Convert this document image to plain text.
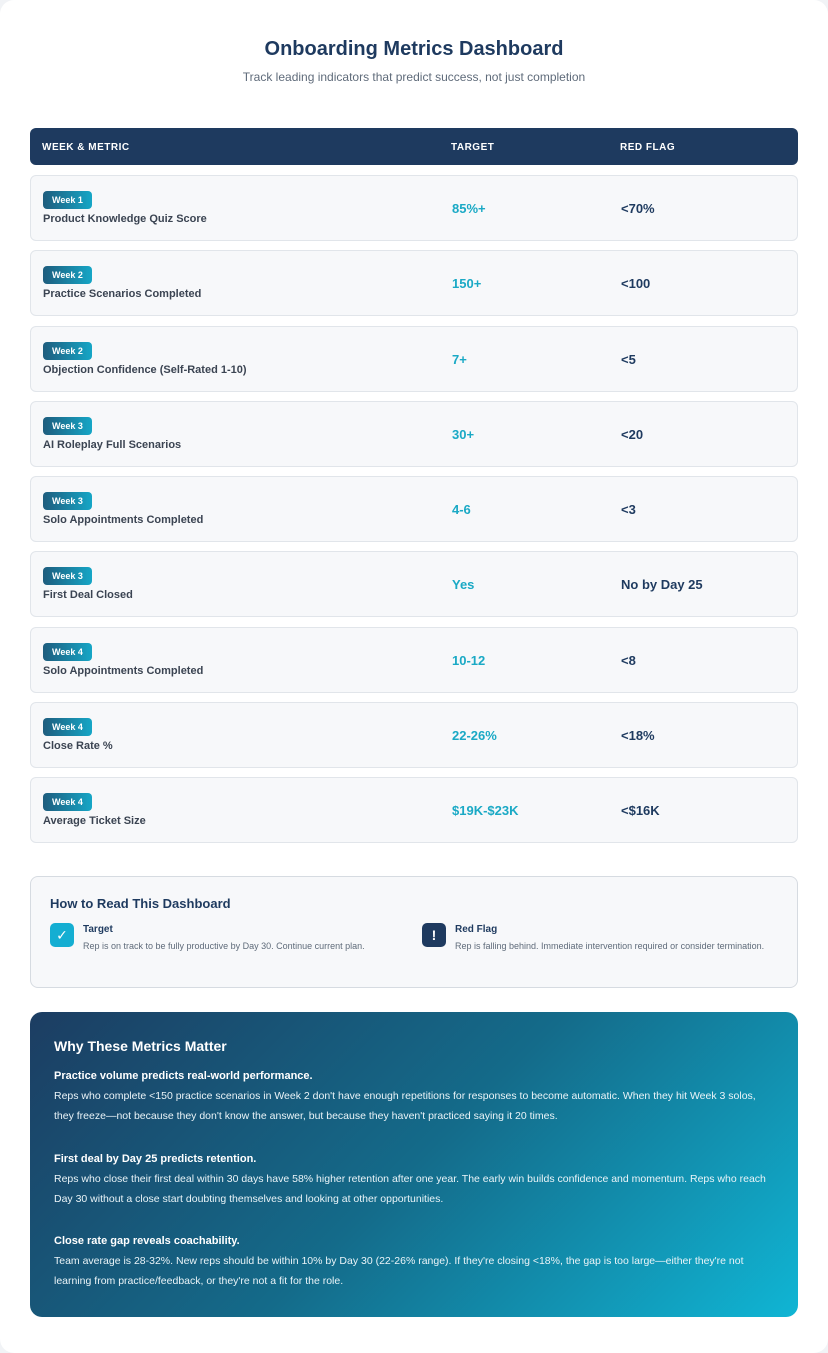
Onboarding Metrics Dashboard
Track leading indicators that predict success, not just completion
WEEK & METRIC	TARGET	RED FLAG
Week 1
Product Knowledge Quiz Score
85%+	<70%
Week 2
Practice Scenarios Completed
150+	<100
Week 2
Objection Confidence (Self-Rated 1-10)
7+	<5
Week 3
AI Roleplay Full Scenarios
30+	<20
Week 3
Solo Appointments Completed
4-6	<3
Week 3
First Deal Closed
Yes	No by Day 25
Week 4
Solo Appointments Completed
10-12	<8
Week 4
Close Rate %
22-26%	<18%
Week 4
Average Ticket Size
$19K-$23K	<$16K
How to Read This Dashboard
✓	Target
Rep is on track to be fully productive by Day 30. Continue current plan.
!	Red Flag
Rep is falling behind. Immediate intervention required or consider termination.
Why These Metrics Matter
Practice volume predicts real-world performance.
Reps who complete <150 practice scenarios in Week 2 don't have enough repetitions for responses to become automatic. When they hit Week 3 solos, they freeze—not because they don't know the answer, but because they haven't practiced saying it 20 times.
First deal by Day 25 predicts retention.
Reps who close their first deal within 30 days have 58% higher retention after one year. The early win builds confidence and momentum. Reps who reach Day 30 without a close start doubting themselves and looking at other opportunities.
Close rate gap reveals coachability.
Team average is 28-32%. New reps should be within 10% by Day 30 (22-26% range). If they're closing <18%, the gap is too large—either they're not learning from practice/feedback, or they're not a fit for the role.
